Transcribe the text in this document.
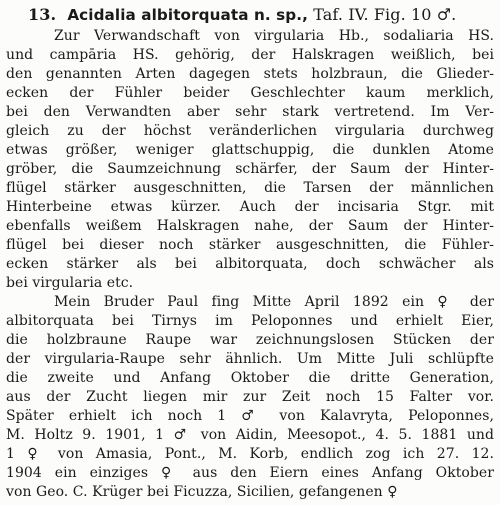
13. Acidalia albitorquata n. sp., Taf. IV. Fig. 10 ♂.
Zur Verwandschaft von virgularia Hb., sodaliaria HS.
und campāria HS. gehörig, der Halskragen weißlich, bei
den genannten Arten dagegen stets holzbraun, die Glieder-
ecken der Fühler beider Geschlechter kaum merklich,
bei den Verwandten aber sehr stark vertretend. Im Ver-
gleich zu der höchst veränderlichen virgularia durchweg
etwas größer, weniger glattschuppig, die dunklen Atome
gröber, die Saumzeichnung schärfer, der Saum der Hinter-
flügel stärker ausgeschnitten, die Tarsen der männlichen
Hinterbeine etwas kürzer. Auch der incisaria Stgr. mit
ebenfalls weißem Halskragen nahe, der Saum der Hinter-
flügel bei dieser noch stärker ausgeschnitten, die Fühler-
ecken stärker als bei albitorquata, doch schwächer als
bei virgularia etc.
Mein Bruder Paul fing Mitte April 1892 ein ♀ der
albitorquata bei Tirnys im Peloponnes und erhielt Eier,
die holzbraune Raupe war zeichnungslosen Stücken der
der virgularia-Raupe sehr ähnlich. Um Mitte Juli schlüpfte
die zweite und Anfang Oktober die dritte Generation,
aus der Zucht liegen mir zur Zeit noch 15 Falter vor.
Später erhielt ich noch 1 ♂ von Kalavryta, Peloponnes,
M. Holtz 9. 1901, 1 ♂ von Aidin, Meesopot., 4. 5. 1881 und
1 ♀ von Amasia, Pont., M. Korb, endlich zog ich 27. 12.
1904 ein einziges ♀ aus den Eiern eines Anfang Oktober
von Geo. C. Krüger bei Ficuzza, Sicilien, gefangenen ♀
